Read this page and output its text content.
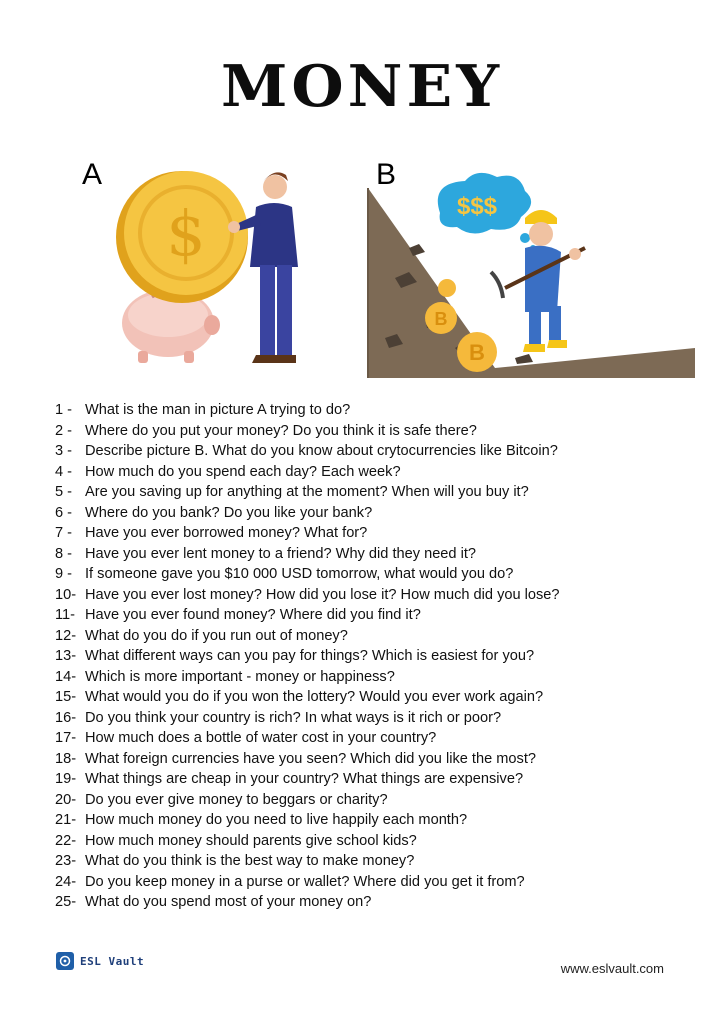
MONEY
A	B
$
B
B
$$$
1 - What is the man in picture A trying to do?
2 - Where do you put your money? Do you think it is safe there?
3 - Describe picture B. What do you know about crytocurrencies like Bitcoin?
4 - How much do you spend each day? Each week?
5 - Are you saving up for anything at the moment? When will you buy it?
6 - Where do you bank? Do you like your bank?
7 - Have you ever borrowed money? What for?
8 - Have you ever lent money to a friend? Why did they need it?
9 - If someone gave you $10 000 USD tomorrow, what would you do?
10- Have you ever lost money? How did you lose it? How much did you lose?
11- Have you ever found money? Where did you find it?
12- What do you do if you run out of money?
13- What different ways can you pay for things? Which is easiest for you?
14- Which is more important - money or happiness?
15- What would you do if you won the lottery? Would you ever work again?
16- Do you think your country is rich? In what ways is it rich or poor?
17- How much does a bottle of water cost in your country?
18- What foreign currencies have you seen? Which did you like the most?
19- What things are cheap in your country? What things are expensive?
20- Do you ever give money to beggars or charity?
21- How much money do you need to live happily each month?
22- How much money should parents give school kids?
23- What do you think is the best way to make money?
24- Do you keep money in a purse or wallet? Where did you get it from?
25- What do you spend most of your money on?
ESL Vault	www.eslvault.com
